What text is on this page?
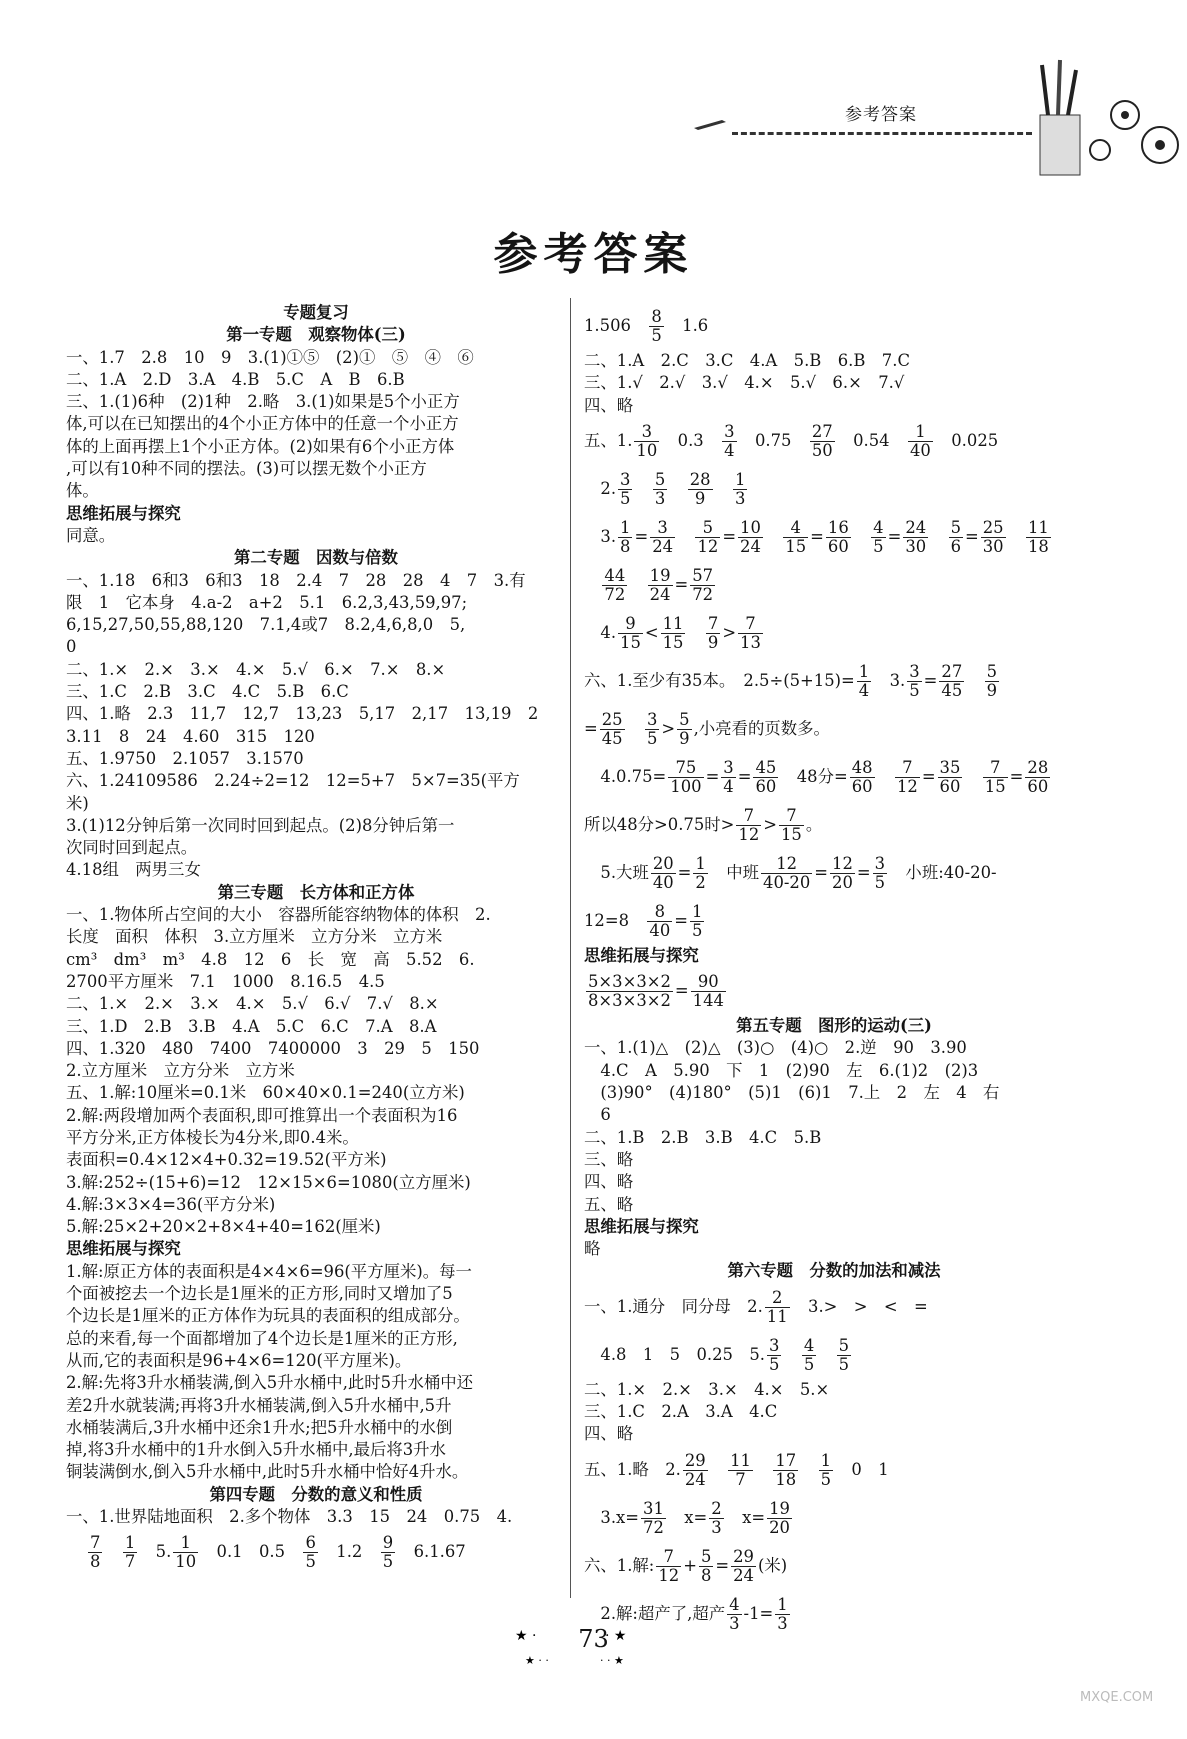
参考答案
参考答案
专题复习
第一专题　观察物体(三)
一、1.7　2.8　10　9　3.(1)①⑤　(2)①　⑤　④　⑥
二、1.A　2.D　3.A　4.B　5.C　A　B　6.B
三、1.(1)6种　(2)1种　2.略　3.(1)如果是5个小正方
体,可以在已知摆出的4个小正方体中的任意一个小正方
体的上面再摆上1个小正方体。(2)如果有6个小正方体
,可以有10种不同的摆法。(3)可以摆无数个小正方
体。
思维拓展与探究
同意。
第二专题　因数与倍数
一、1.18　6和3　6和3　18　2.4　7　28　28　4　7　3.有
限　1　它本身　4.a-2　a+2　5.1　6.2,3,43,59,97;
6,15,27,50,55,88,120　7.1,4或7　8.2,4,6,8,0　5,
0
二、1.×　2.×　3.×　4.×　5.√　6.×　7.×　8.×
三、1.C　2.B　3.C　4.C　5.B　6.C
四、1.略　2.3　11,7　12,7　13,23　5,17　2,17　13,19　2
3.11　8　24　4.60　315　120
五、1.9750　2.1057　3.1570
六、1.24109586　2.24÷2=12　12=5+7　5×7=35(平方
米)
3.(1)12分钟后第一次同时回到起点。(2)8分钟后第一
次同时回到起点。
4.18组　两男三女
第三专题　长方体和正方体
一、1.物体所占空间的大小　容器所能容纳物体的体积　2.
长度　面积　体积　3.立方厘米　立方分米　立方米
cm³　dm³　m³　4.8　12　6　长　宽　高　5.52　6.
2700平方厘米　7.1　1000　8.16.5　4.5
二、1.×　2.×　3.×　4.×　5.√　6.√　7.√　8.×
三、1.D　2.B　3.B　4.A　5.C　6.C　7.A　8.A
四、1.320　480　7400　7400000　3　29　5　150
2.立方厘米　立方分米　立方米
五、1.解:10厘米=0.1米　60×40×0.1=240(立方米)
2.解:两段增加两个表面积,即可推算出一个表面积为16
平方分米,正方体棱长为4分米,即0.4米。
表面积=0.4×12×4+0.32=19.52(平方米)
3.解:252÷(15+6)=12　12×15×6=1080(立方厘米)
4.解:3×3×4=36(平方分米)
5.解:25×2+20×2+8×4+40=162(厘米)
思维拓展与探究
1.解:原正方体的表面积是4×4×6=96(平方厘米)。每一
个面被挖去一个边长是1厘米的正方形,同时又增加了5
个边长是1厘米的正方体作为玩具的表面积的组成部分。
总的来看,每一个面都增加了4个边长是1厘米的正方形,
从而,它的表面积是96+4×6=120(平方厘米)。
2.解:先将3升水桶装满,倒入5升水桶中,此时5升水桶中还
差2升水就装满;再将3升水桶装满,倒入5升水桶中,5升
水桶装满后,3升水桶中还余1升水;把5升水桶中的水倒
掉,将3升水桶中的1升水倒入5升水桶中,最后将3升水
铜装满倒水,倒入5升水桶中,此时5升水桶中恰好4升水。
第四专题　分数的意义和性质
一、1.世界陆地面积　2.多个物体　3.3　15　24　0.75　4.
$\frac{7}{8}$
　 $\frac{1}{7}$ 　5. $\frac{1}{10}$ 　0.1　0.5　 $\frac{6}{5}$ 　1.2　 $\frac{9}{5}$ 　6.1.67
1.506　 $\frac{8}{5}$ 　1.6
二、1.A　2.C　3.C　4.A　5.B　6.B　7.C
三、1.√　2.√　3.√　4.×　5.√　6.×　7.√
四、略
五、1. $\frac{3}{10}$ 　0.3　 $\frac{3}{4}$ 　0.75　 $\frac{27}{50}$ 　0.54　 $\frac{1}{40}$ 　0.025
　2. $\frac{3}{5}$
　 $\frac{5}{3}$
　 $\frac{28}{9}$
　 $\frac{1}{3}$
　3. $\frac{1}{8} = \frac{3}{24}$
　 $\frac{5}{12} = \frac{10}{24}$
　 $\frac{4}{15} = \frac{16}{60}$
　 $\frac{4}{5} = \frac{24}{30}$
　 $\frac{5}{6} = \frac{25}{30}$
　 $\frac{11}{18}$

$\frac{44}{72}$
　 $\frac{19}{24} = \frac{57}{72}$
　4. $\frac{9}{15} < \frac{11}{15}$
　 $\frac{7}{9} > \frac{7}{13}$
六、1.至少有35本。　$2.5\div(5+15)= \frac{1}{4}$ 　3. $\frac{3}{5} = \frac{27}{45}$
　 $\frac{5}{9}$
= $\frac{25}{45}$
　 $\frac{3}{5} > \frac{5}{9}$ ,小亮看的页数多。
　$4.0.75= \frac{75}{100} = \frac{3}{4} = \frac{45}{60}$ 　48分= $\frac{48}{60}$
　 $\frac{7}{12} = \frac{35}{60}$
　 $\frac{7}{15} = \frac{28}{60}$
所以48分>0.75时> $\frac{7}{12} > \frac{7}{15}$ 。
　5.大班 $\frac{20}{40} = \frac{1}{2}$ 　中班 $\frac{12}{40-20} = \frac{12}{20} = \frac{3}{5}$ 　小班:40-20-
12=8　 $\frac{8}{40} = \frac{1}{5}$
思维拓展与探究
$\frac{5\times 3\times 3\times 2}{8\times 3\times 3\times 2} = \frac{90}{144}$
第五专题　图形的运动(三)
一、1.(1)△　(2)△　(3)○　(4)○　2.逆　90　3.90
　4.C　A　5.90　下　1　(2)90　左　6.(1)2　(2)3
　(3)90°　(4)180°　(5)1　(6)1　7.上　2　左　4　右
　6
二、1.B　2.B　3.B　4.C　5.B
三、略
四、略
五、略
思维拓展与探究
略
第六专题　分数的加法和减法
一、1.通分　同分母　2. $\frac{2}{11}$ 　3.>　>　<　=
　4.8　1　5　0.25　5. $\frac{3}{5}$
　 $\frac{4}{5}$
　 $\frac{5}{5}$
二、1.×　2.×　3.×　4.×　5.×
三、1.C　2.A　3.A　4.C
四、略
五、1.略　2. $\frac{29}{24}$
　 $\frac{11}{7}$
　 $\frac{17}{18}$
　 $\frac{1}{5}$ 　0　1
　$3.x= \frac{31}{72}$ 　$x= \frac{2}{3}$ 　$x= \frac{19}{20}$
六、1.解: $\frac{7}{12} + \frac{5}{8} = \frac{29}{24}$ (米)
　2.解:超产了,超产 $\frac{4}{3} -1= \frac{1}{3}$
★ ·	· ★
★ · ·	· · ★
73
MXQE.COM
